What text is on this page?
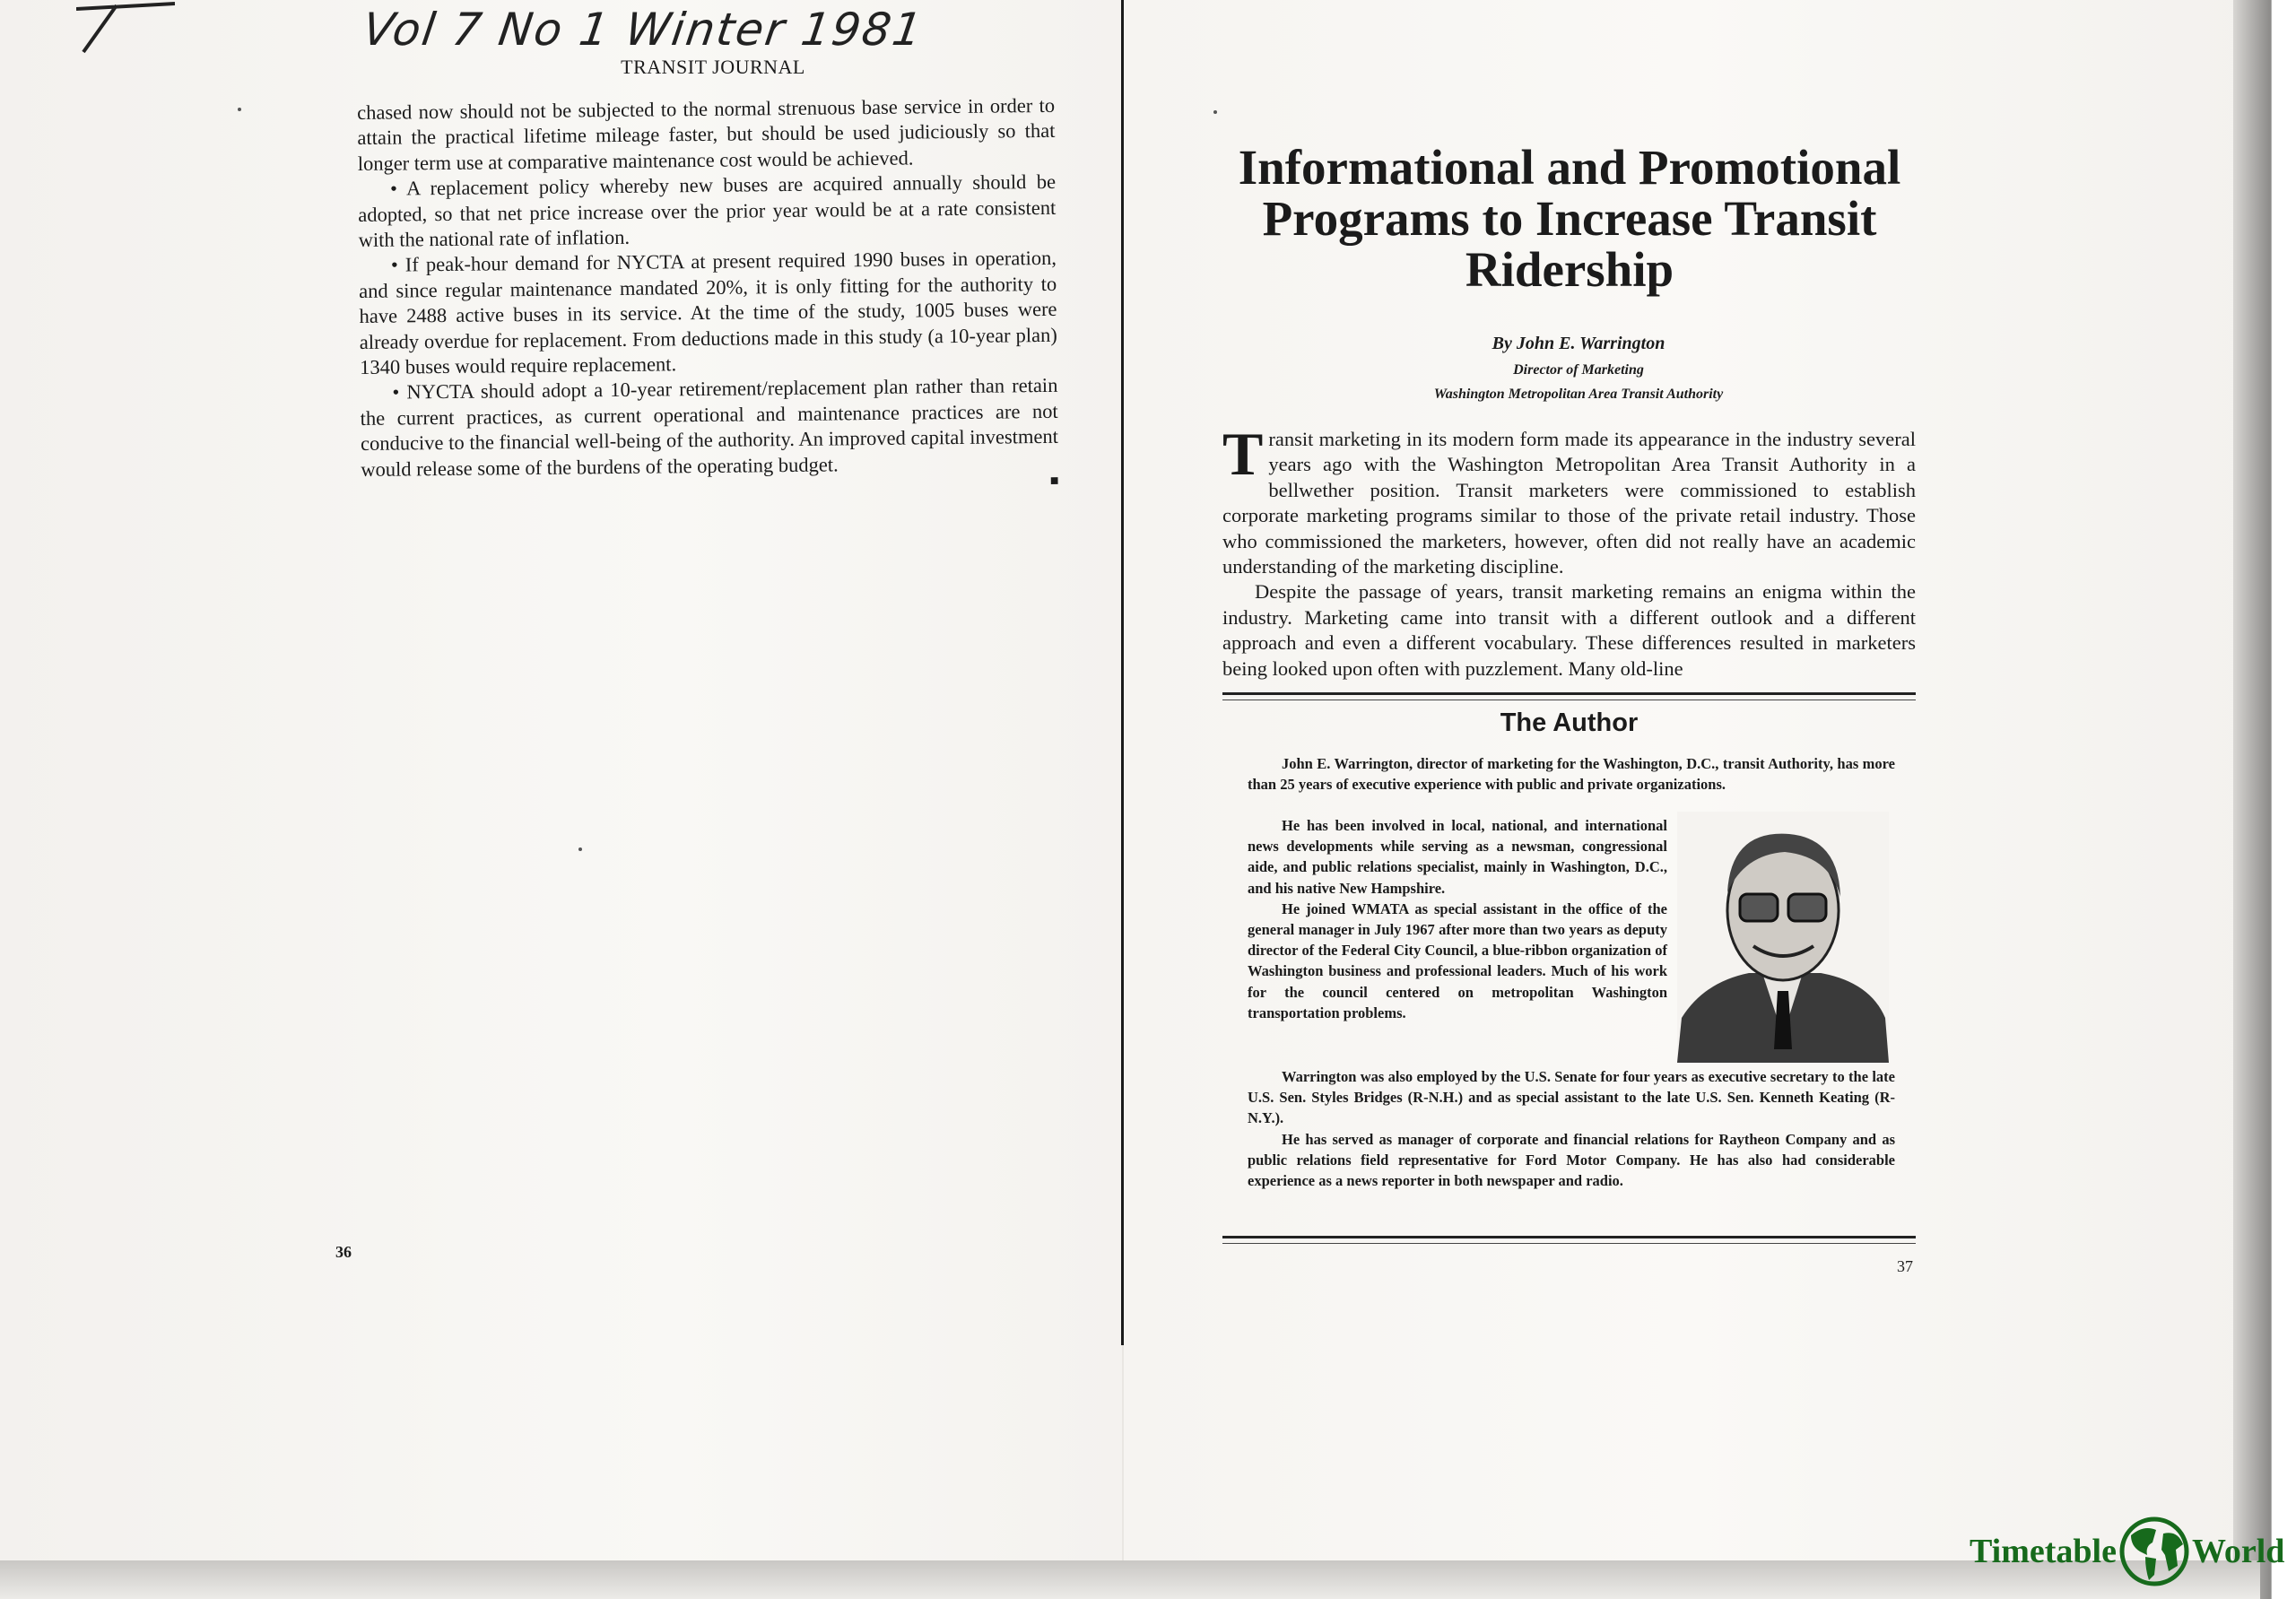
Vol 7 No 1 Winter 1981
TRANSIT JOURNAL

chased now should not be subjected to the normal strenuous base service in order to attain the practical lifetime mileage faster, but should be used judiciously so that longer term use at comparative maintenance cost would be achieved.

• A replacement policy whereby new buses are acquired annually should be adopted, so that net price increase over the prior year would be at a rate consistent with the national rate of inflation.

• If peak-hour demand for NYCTA at present required 1990 buses in operation, and since regular maintenance mandated 20%, it is only fitting for the authority to have 2488 active buses in its service. At the time of the study, 1005 buses were already overdue for replacement. From deductions made in this study (a 10-year plan) 1340 buses would require replacement.

• NYCTA should adopt a 10-year retirement/replacement plan rather than retain the current practices, as current operational and maintenance practices are not conducive to the financial well-being of the authority. An improved capital investment would release some of the burdens of the operating budget.

■
36
Informational and Promotional Programs to Increase Transit Ridership
By John E. Warrington
Director of Marketing
Washington Metropolitan Area Transit Authority

Transit marketing in its modern form made its appearance in the industry several years ago with the Washington Metropolitan Area Transit Authority in a bellwether position. Transit marketers were commissioned to establish corporate marketing programs similar to those of the private retail industry. Those who commissioned the marketers, however, often did not really have an academic understanding of the marketing discipline.

Despite the passage of years, transit marketing remains an enigma within the industry. Marketing came into transit with a different outlook and a different approach and even a different vocabulary. These differences resulted in marketers being looked upon often with puzzlement. Many old-line

The Author

John E. Warrington, director of marketing for the Washington, D.C., transit Authority, has more than 25 years of executive experience with public and private organizations.

He has been involved in local, national, and international news developments while serving as a newsman, congressional aide, and public relations specialist, mainly in Washington, D.C., and his native New Hampshire.

He joined WMATA as special assistant in the office of the general manager in July 1967 after more than two years as deputy director of the Federal City Council, a blue-ribbon organization of Washington business and professional leaders. Much of his work for the council centered on metropolitan Washington transportation problems.

Warrington was also employed by the U.S. Senate for four years as executive secretary to the late U.S. Sen. Styles Bridges (R-N.H.) and as special assistant to the late U.S. Sen. Kenneth Keating (R-N.Y.).

He has served as manager of corporate and financial relations for Raytheon Company and as public relations field representative for Ford Motor Company. He has also had considerable experience as a news reporter in both newspaper and radio.

37
Timetable World
